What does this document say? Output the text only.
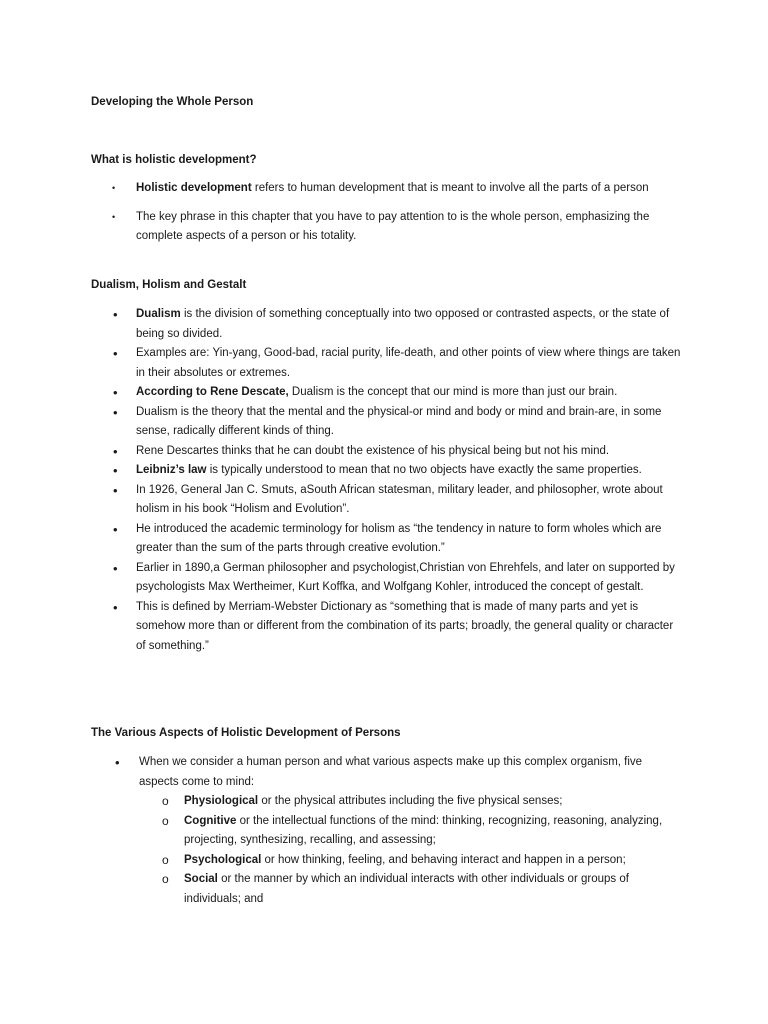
Developing the Whole Person
What is holistic development?
• Holistic development refers to human development that is meant to involve all the parts of a person
• The key phrase in this chapter that you have to pay attention to is the whole person, emphasizing the complete aspects of a person or his totality.
Dualism, Holism and Gestalt
• Dualism is the division of something conceptually into two opposed or contrasted aspects, or the state of being so divided.
• Examples are: Yin-yang, Good-bad, racial purity, life-death, and other points of view where things are taken in their absolutes or extremes.
• According to Rene Descate, Dualism is the concept that our mind is more than just our brain.
• Dualism is the theory that the mental and the physical-or mind and body or mind and brain-are, in some sense, radically different kinds of thing.
• Rene Descartes thinks that he can doubt the existence of his physical being but not his mind.
• Leibniz’s law is typically understood to mean that no two objects have exactly the same properties.
• In 1926, General Jan C. Smuts, aSouth African statesman, military leader, and philosopher, wrote about holism in his book “Holism and Evolution”.
• He introduced the academic terminology for holism as “the tendency in nature to form wholes which are greater than the sum of the parts through creative evolution.”
• Earlier in 1890,a German philosopher and psychologist,Christian von Ehrehfels, and later on supported by psychologists Max Wertheimer, Kurt Koffka, and Wolfgang Kohler, introduced the concept of gestalt.
• This is defined by Merriam-Webster Dictionary as “something that is made of many parts and yet is somehow more than or different from the combination of its parts; broadly, the general quality or character of something.”
The Various Aspects of Holistic Development of Persons
• When we consider a human person and what various aspects make up this complex organism, five aspects come to mind:
o Physiological or the physical attributes including the five physical senses;
o Cognitive or the intellectual functions of the mind: thinking, recognizing, reasoning, analyzing, projecting, synthesizing, recalling, and assessing;
o Psychological or how thinking, feeling, and behaving interact and happen in a person;
o Social or the manner by which an individual interacts with other individuals or groups of individuals; and
